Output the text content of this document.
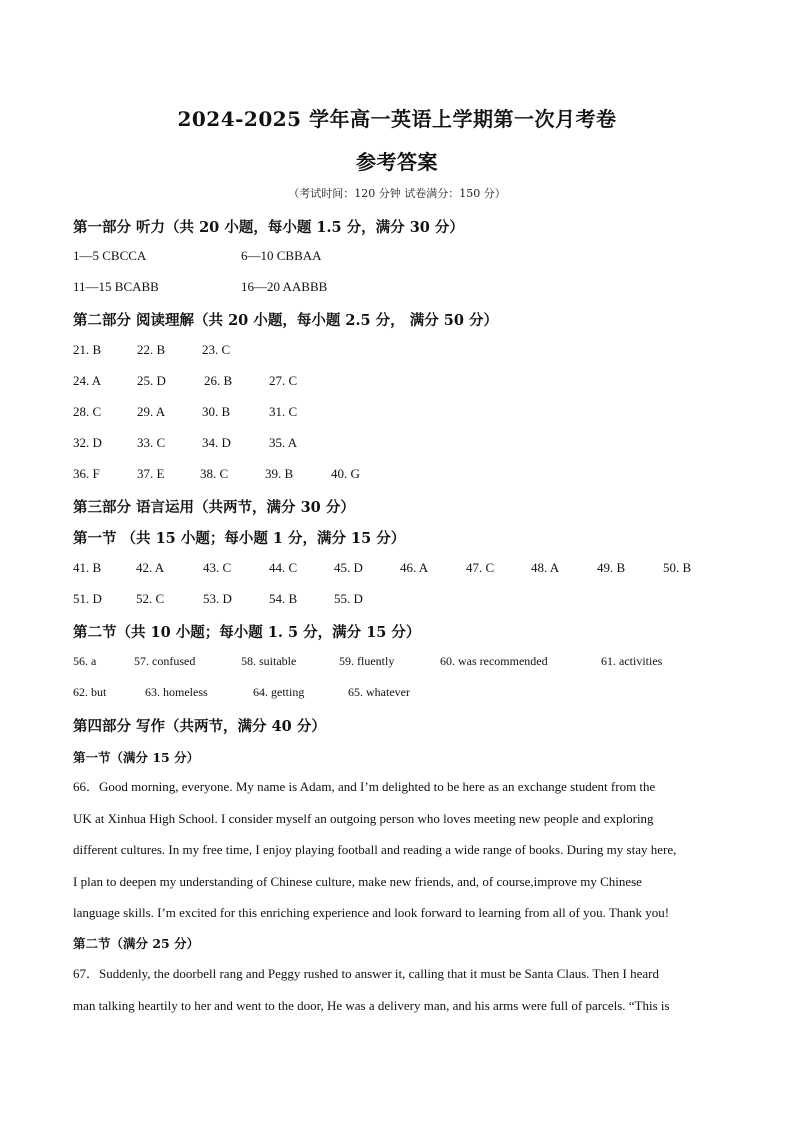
2024-2025 学年高一英语上学期第一次月考卷
参考答案
（考试时间：120 分钟 试卷满分：150 分）
第一部分 听力（共 20 小题，每小题 1.5 分，满分 30 分）
1—5 CBCCA	6—10 CBBAA
11—15 BCABB	16—20 AABBB
第二部分 阅读理解（共 20 小题，每小题 2.5 分， 满分 50 分）
21. B	22. B	23. C
24. A	25. D	26. B	27. C
28. C	29. A	30. B	31. C
32. D	33. C	34. D	35. A
36. F	37. E	38. C	39. B	40. G
第三部分 语言运用（共两节，满分 30 分）
第一节 （共 15 小题；每小题 1 分，满分 15 分）
41. B	42. A	43. C	44. C	45. D	46. A	47. C	48. A	49. B	50. B
51. D	52. C	53. D	54. B	55. D
第二节（共 10 小题；每小题 1. 5 分，满分 15 分）
56. a	57. confused	58. suitable	59. fluently	60. was recommended	61. activities
62. but	63. homeless	64. getting	65. whatever
第四部分 写作（共两节，满分 40 分）
第一节（满分 15 分）
66．Good morning, everyone. My name is Adam, and I’m delighted to be here as an exchange student from the
UK at Xinhua High School. I consider myself an outgoing person who loves meeting new people and exploring
different cultures. In my free time, I enjoy playing football and reading a wide range of books. During my stay here,
I plan to deepen my understanding of Chinese culture, make new friends, and, of course,improve my Chinese
language skills. I’m excited for this enriching experience and look forward to learning from all of you. Thank you!
第二节（满分 25 分）
67．Suddenly, the doorbell rang and Peggy rushed to answer it, calling that it must be Santa Claus. Then I heard
man talking heartily to her and went to the door, He was a delivery man, and his arms were full of parcels. “This is
